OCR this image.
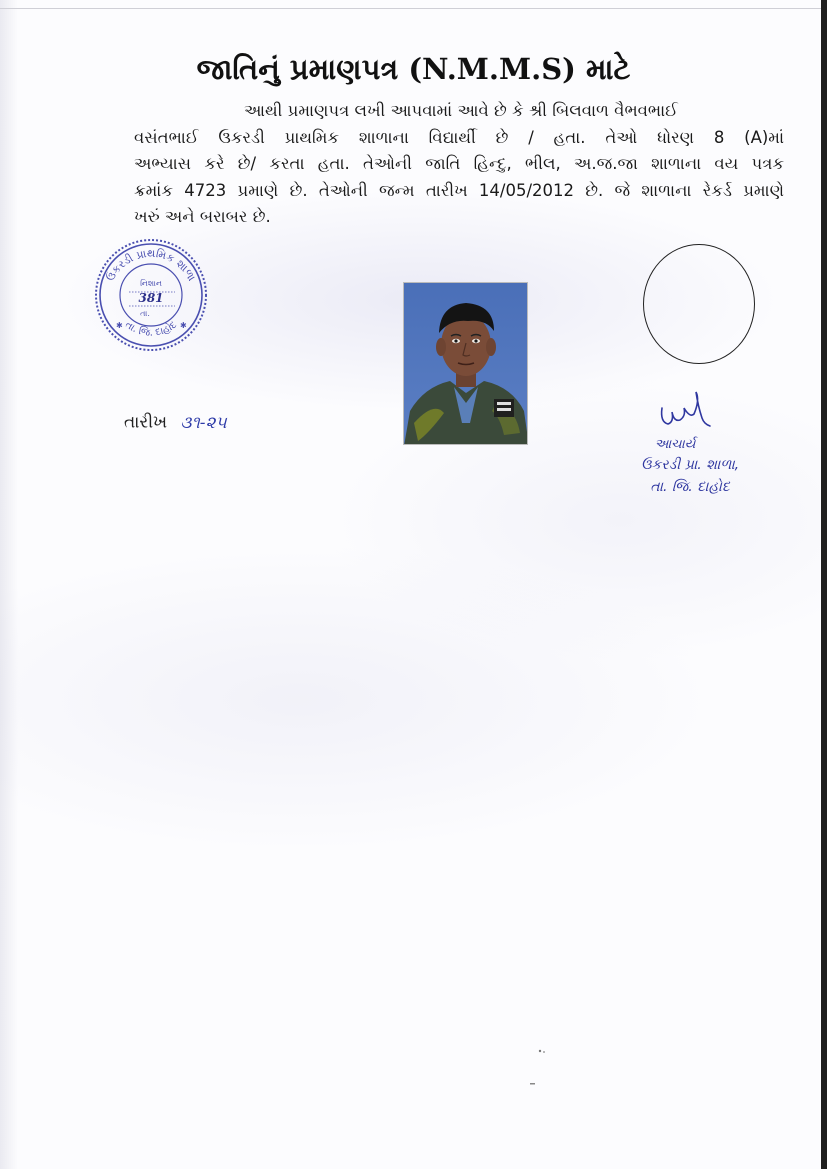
જાતિનું પ્રમાણપત્ર (N.M.M.S) માટે
આથી પ્રમાણપત્ર લખી આપવામાં આવે છે કે શ્રી બિલવાળ વૈભવભાઈ
વસંતભાઈ ઉકરડી પ્રાથમિક શાળાના વિદ્યાર્થી છે / હતા. તેઓ ધોરણ 8 (A)માં
અભ્યાસ કરે છે/ કરતા હતા. તેઓની જાતિ હિન્દુ, ભીલ, અ.જ.જા શાળાના વય પત્રક
ક્રમાંક 4723 પ્રમાણે છે. તેઓની જન્મ તારીખ 14/05/2012 છે. જે શાળાના રેકર્ડ પ્રમાણે
ખરું અને બરાબર છે.
ઉકરડી પ્રાથમિક શાળા
તા. જિ. દાહોદ
નિશાન
381
તા.
✱	✱
તારીખ ૩૧-૨૫
આચાર્ય
ઉકરડી પ્રા. શાળા,
તા. જિ. દાહોદ
